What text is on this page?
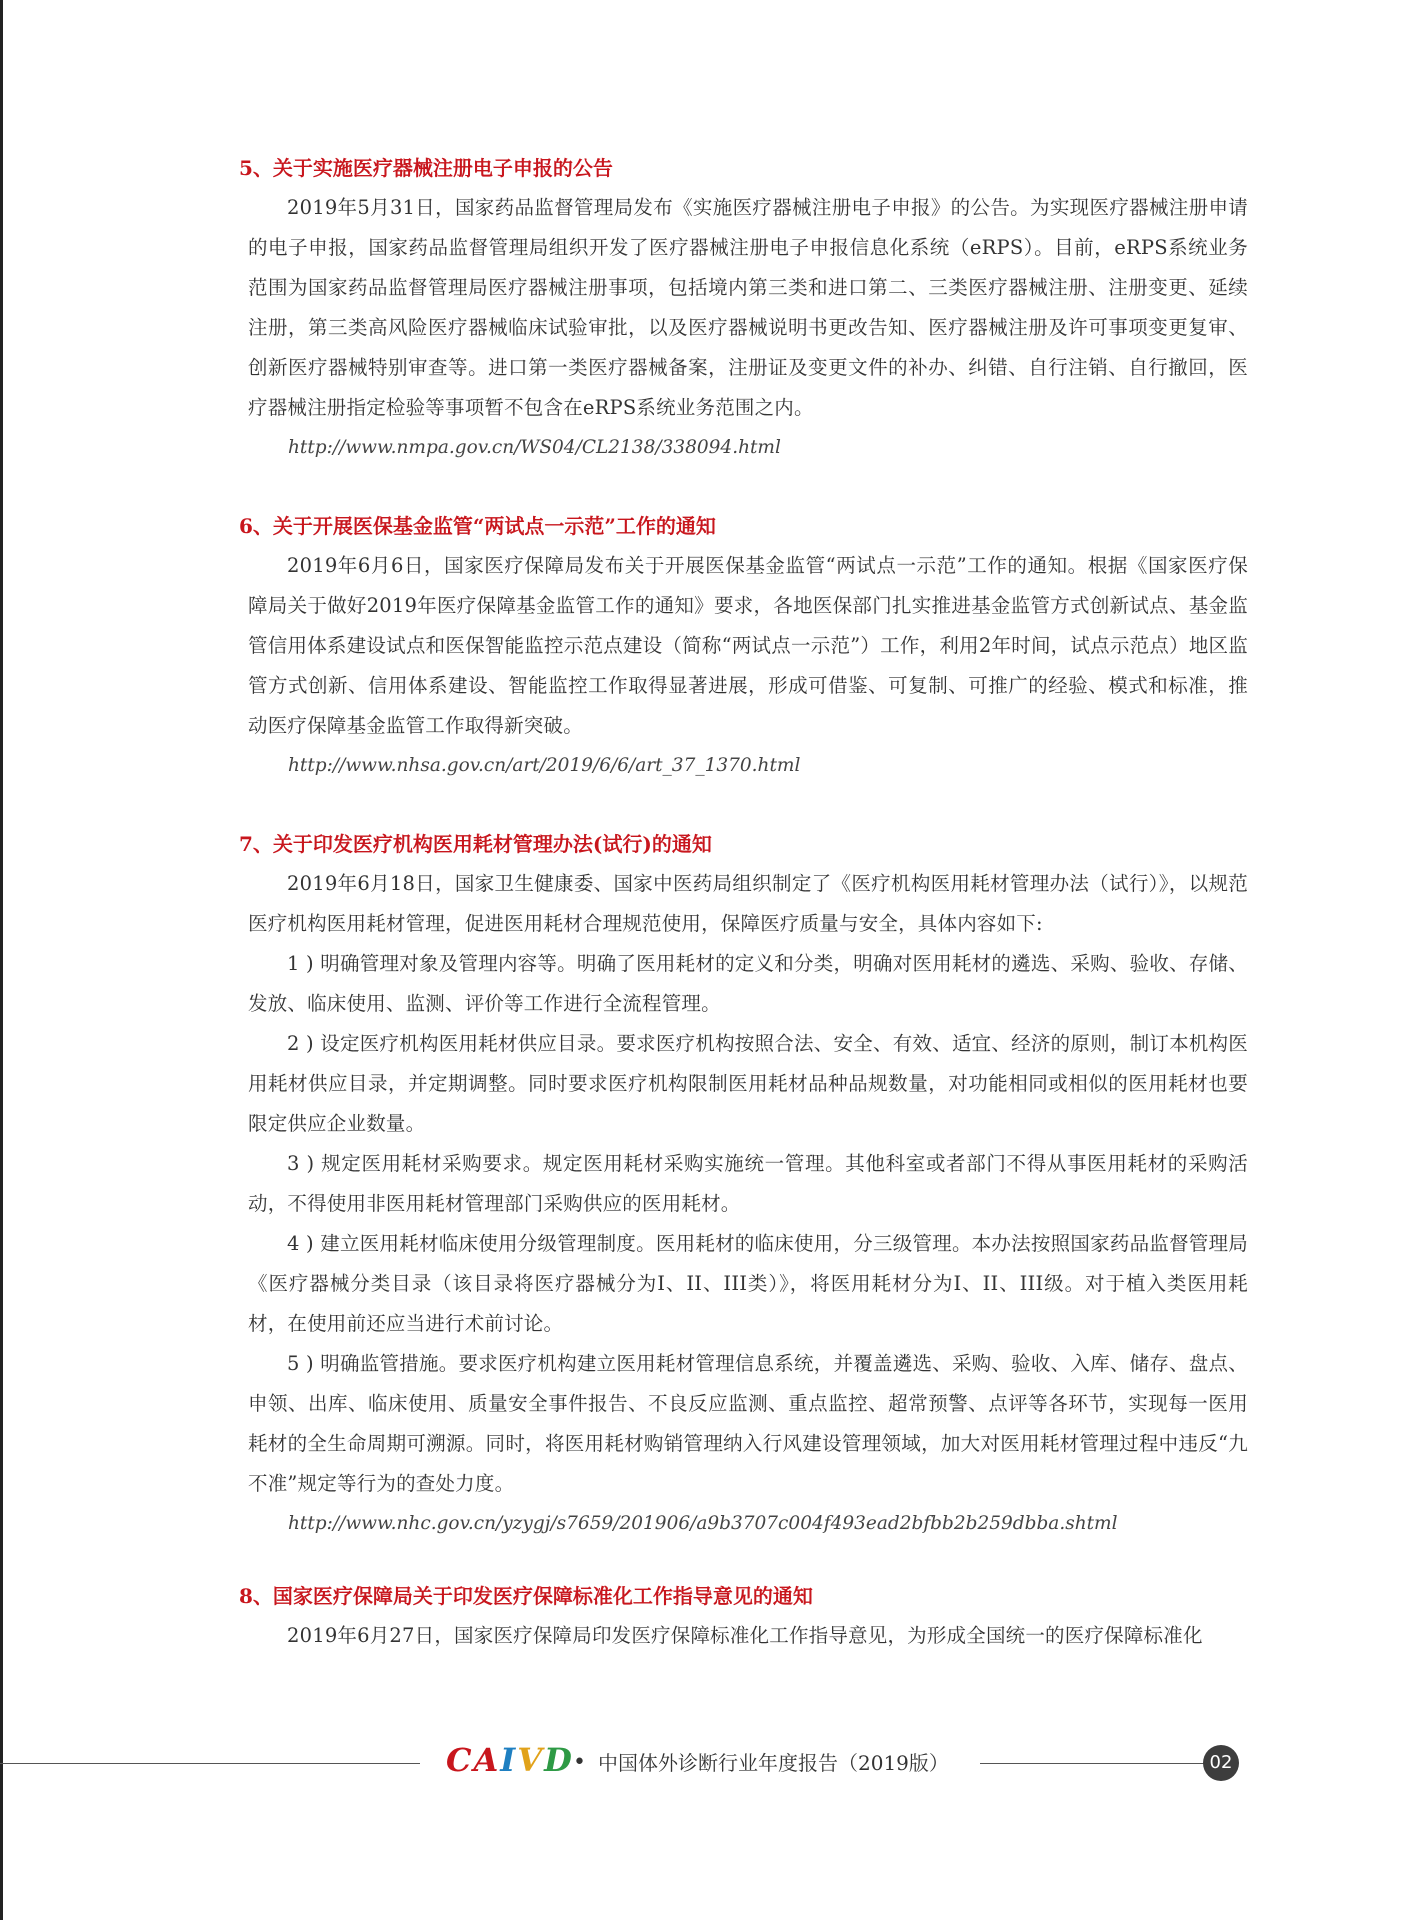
5、关于实施医疗器械注册电子申报的公告

2019年5月31日，国家药品监督管理局发布《实施医疗器械注册电子申报》的公告。为实现医疗器械注册申请的电子申报，国家药品监督管理局组织开发了医疗器械注册电子申报信息化系统（eRPS）。目前，eRPS系统业务范围为国家药品监督管理局医疗器械注册事项，包括境内第三类和进口第二、三类医疗器械注册、注册变更、延续注册，第三类高风险医疗器械临床试验审批，以及医疗器械说明书更改告知、医疗器械注册及许可事项变更复审、创新医疗器械特别审查等。进口第一类医疗器械备案，注册证及变更文件的补办、纠错、自行注销、自行撤回，医疗器械注册指定检验等事项暂不包含在eRPS系统业务范围之内。

http://www.nmpa.gov.cn/WS04/CL2138/338094.html
6、关于开展医保基金监管“两试点一示范”工作的通知

2019年6月6日，国家医疗保障局发布关于开展医保基金监管“两试点一示范”工作的通知。根据《国家医疗保障局关于做好2019年医疗保障基金监管工作的通知》要求，各地医保部门扎实推进基金监管方式创新试点、基金监管信用体系建设试点和医保智能监控示范点建设（简称“两试点一示范”）工作，利用2年时间，试点示范点）地区监管方式创新、信用体系建设、智能监控工作取得显著进展，形成可借鉴、可复制、可推广的经验、模式和标准，推动医疗保障基金监管工作取得新突破。

http://www.nhsa.gov.cn/art/2019/6/6/art_37_1370.html
7、关于印发医疗机构医用耗材管理办法(试行)的通知

2019年6月18日，国家卫生健康委、国家中医药局组织制定了《医疗机构医用耗材管理办法（试行）》，以规范医疗机构医用耗材管理，促进医用耗材合理规范使用，保障医疗质量与安全，具体内容如下:

1 ) 明确管理对象及管理内容等。明确了医用耗材的定义和分类，明确对医用耗材的遴选、采购、验收、存储、发放、临床使用、监测、评价等工作进行全流程管理。

2 ) 设定医疗机构医用耗材供应目录。要求医疗机构按照合法、安全、有效、适宜、经济的原则，制订本机构医用耗材供应目录，并定期调整。同时要求医疗机构限制医用耗材品种品规数量，对功能相同或相似的医用耗材也要限定供应企业数量。

3 ) 规定医用耗材采购要求。规定医用耗材采购实施统一管理。其他科室或者部门不得从事医用耗材的采购活动，不得使用非医用耗材管理部门采购供应的医用耗材。

4 ) 建立医用耗材临床使用分级管理制度。医用耗材的临床使用，分三级管理。本办法按照国家药品监督管理局《医疗器械分类目录（该目录将医疗器械分为I、II、III类）》，将医用耗材分为I、II、III级。对于植入类医用耗材，在使用前还应当进行术前讨论。

5 ) 明确监管措施。要求医疗机构建立医用耗材管理信息系统，并覆盖遴选、采购、验收、入库、储存、盘点、申领、出库、临床使用、质量安全事件报告、不良反应监测、重点监控、超常预警、点评等各环节，实现每一医用耗材的全生命周期可溯源。同时，将医用耗材购销管理纳入行风建设管理领域，加大对医用耗材管理过程中违反“九不准”规定等行为的查处力度。

http://www.nhc.gov.cn/yzygj/s7659/201906/a9b3707c004f493ead2bfbb2b259dbba.shtml
8、国家医疗保障局关于印发医疗保障标准化工作指导意见的通知

2019年6月27日，国家医疗保障局印发医疗保障标准化工作指导意见，为形成全国统一的医疗保障标准化

CAIVD • 中国体外诊断行业年度报告（2019版）	02
